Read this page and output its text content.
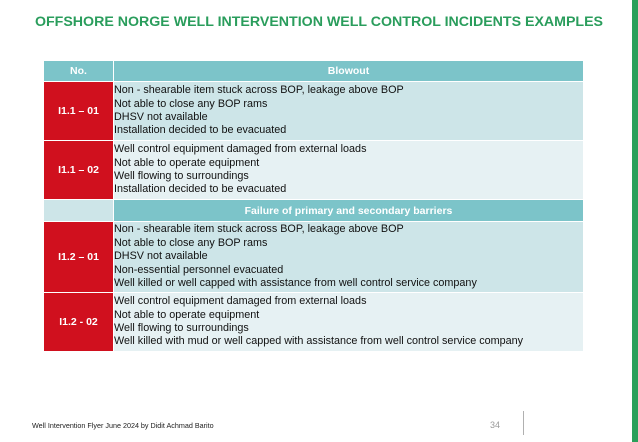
OFFSHORE NORGE WELL INTERVENTION WELL CONTROL INCIDENTS EXAMPLES
No.	Blowout
I1.1 – 01	Non - shearable item stuck across BOP, leakage above BOP
Not able to close any BOP rams
DHSV not available
Installation decided to be evacuated

I1.1 – 02	Well control equipment damaged from external loads
Not able to operate equipment
Well flowing to surroundings
Installation decided to be evacuated

	Failure of primary and secondary barriers
I1.2 – 01	Non - shearable item stuck across BOP, leakage above BOP
Not able to close any BOP rams
DHSV not available
Non-essential personnel evacuated
Well killed or well capped with assistance from well control service company

I1.2 - 02	Well control equipment damaged from external loads
Not able to operate equipment
Well flowing to surroundings
Well killed with mud or well capped with assistance from well control service company
Well Intervention Flyer June 2024 by Didit Achmad Barito	34
